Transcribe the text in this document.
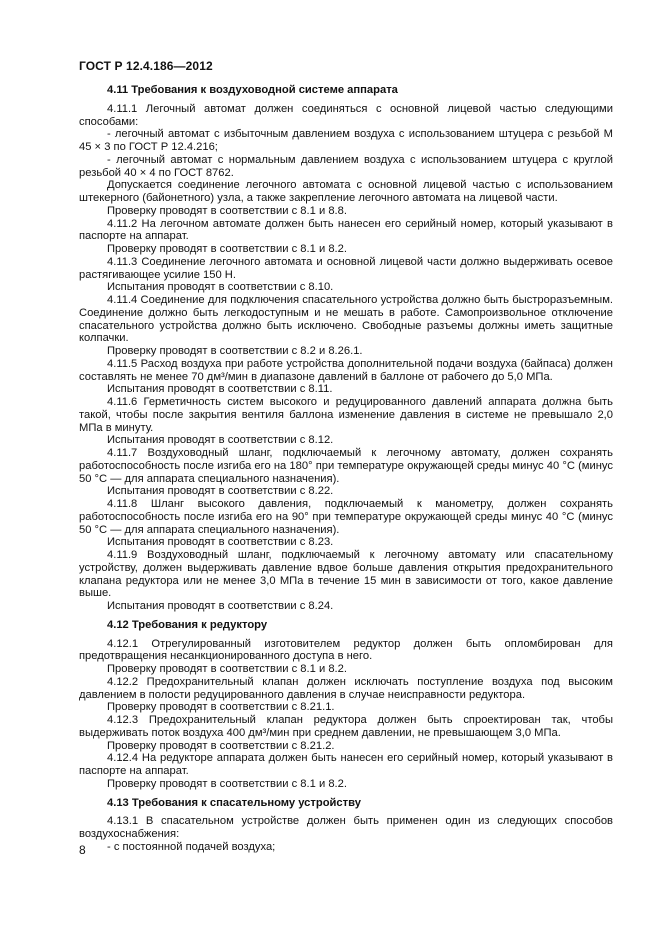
ГОСТ Р 12.4.186—2012
4.11 Требования к воздуховодной системе аппарата

4.11.1 Легочный автомат должен соединяться с основной лицевой частью следующими способами:

- легочный автомат с избыточным давлением воздуха с использованием штуцера с резьбой М 45 × 3 по ГОСТ Р 12.4.216;

- легочный автомат с нормальным давлением воздуха с использованием штуцера с круглой резьбой 40 × 4 по ГОСТ 8762.

Допускается соединение легочного автомата с основной лицевой частью с использованием штекерного (байонетного) узла, а также закрепление легочного автомата на лицевой части.

Проверку проводят в соответствии с 8.1 и 8.8.

4.11.2 На легочном автомате должен быть нанесен его серийный номер, который указывают в паспорте на аппарат.

Проверку проводят в соответствии с 8.1 и 8.2.

4.11.3 Соединение легочного автомата и основной лицевой части должно выдерживать осевое растягивающее усилие 150 Н.

Испытания проводят в соответствии с 8.10.

4.11.4 Соединение для подключения спасательного устройства должно быть быстроразъемным. Соединение должно быть легкодоступным и не мешать в работе. Самопроизвольное отключение спасательного устройства должно быть исключено. Свободные разъемы должны иметь защитные колпачки.

Проверку проводят в соответствии с 8.2 и 8.26.1.

4.11.5 Расход воздуха при работе устройства дополнительной подачи воздуха (байпаса) должен составлять не менее 70 дм³/мин в диапазоне давлений в баллоне от рабочего до 5,0 МПа.

Испытания проводят в соответствии с 8.11.

4.11.6 Герметичность систем высокого и редуцированного давлений аппарата должна быть такой, чтобы после закрытия вентиля баллона изменение давления в системе не превышало 2,0 МПа в минуту.

Испытания проводят в соответствии с 8.12.

4.11.7 Воздуховодный шланг, подключаемый к легочному автомату, должен сохранять работоспособность после изгиба его на 180° при температуре окружающей среды минус 40 °С (минус 50 °С — для аппарата специального назначения).

Испытания проводят в соответствии с 8.22.

4.11.8 Шланг высокого давления, подключаемый к манометру, должен сохранять работоспособность после изгиба его на 90° при температуре окружающей среды минус 40 °С (минус 50 °С — для аппарата специального назначения).

Испытания проводят в соответствии с 8.23.

4.11.9 Воздуховодный шланг, подключаемый к легочному автомату или спасательному устройству, должен выдерживать давление вдвое больше давления открытия предохранительного клапана редуктора или не менее 3,0 МПа в течение 15 мин в зависимости от того, какое давление выше.

Испытания проводят в соответствии с 8.24.

4.12 Требования к редуктору

4.12.1 Отрегулированный изготовителем редуктор должен быть опломбирован для предотвращения несанкционированного доступа в него.

Проверку проводят в соответствии с 8.1 и 8.2.

4.12.2 Предохранительный клапан должен исключать поступление воздуха под высоким давлением в полости редуцированного давления в случае неисправности редуктора.

Проверку проводят в соответствии с 8.21.1.

4.12.3 Предохранительный клапан редуктора должен быть спроектирован так, чтобы выдерживать поток воздуха 400 дм³/мин при среднем давлении, не превышающем 3,0 МПа.

Проверку проводят в соответствии с 8.21.2.

4.12.4 На редукторе аппарата должен быть нанесен его серийный номер, который указывают в паспорте на аппарат.

Проверку проводят в соответствии с 8.1 и 8.2.

4.13 Требования к спасательному устройству

4.13.1 В спасательном устройстве должен быть применен один из следующих способов воздухоснабжения:

- с постоянной подачей воздуха;

8
